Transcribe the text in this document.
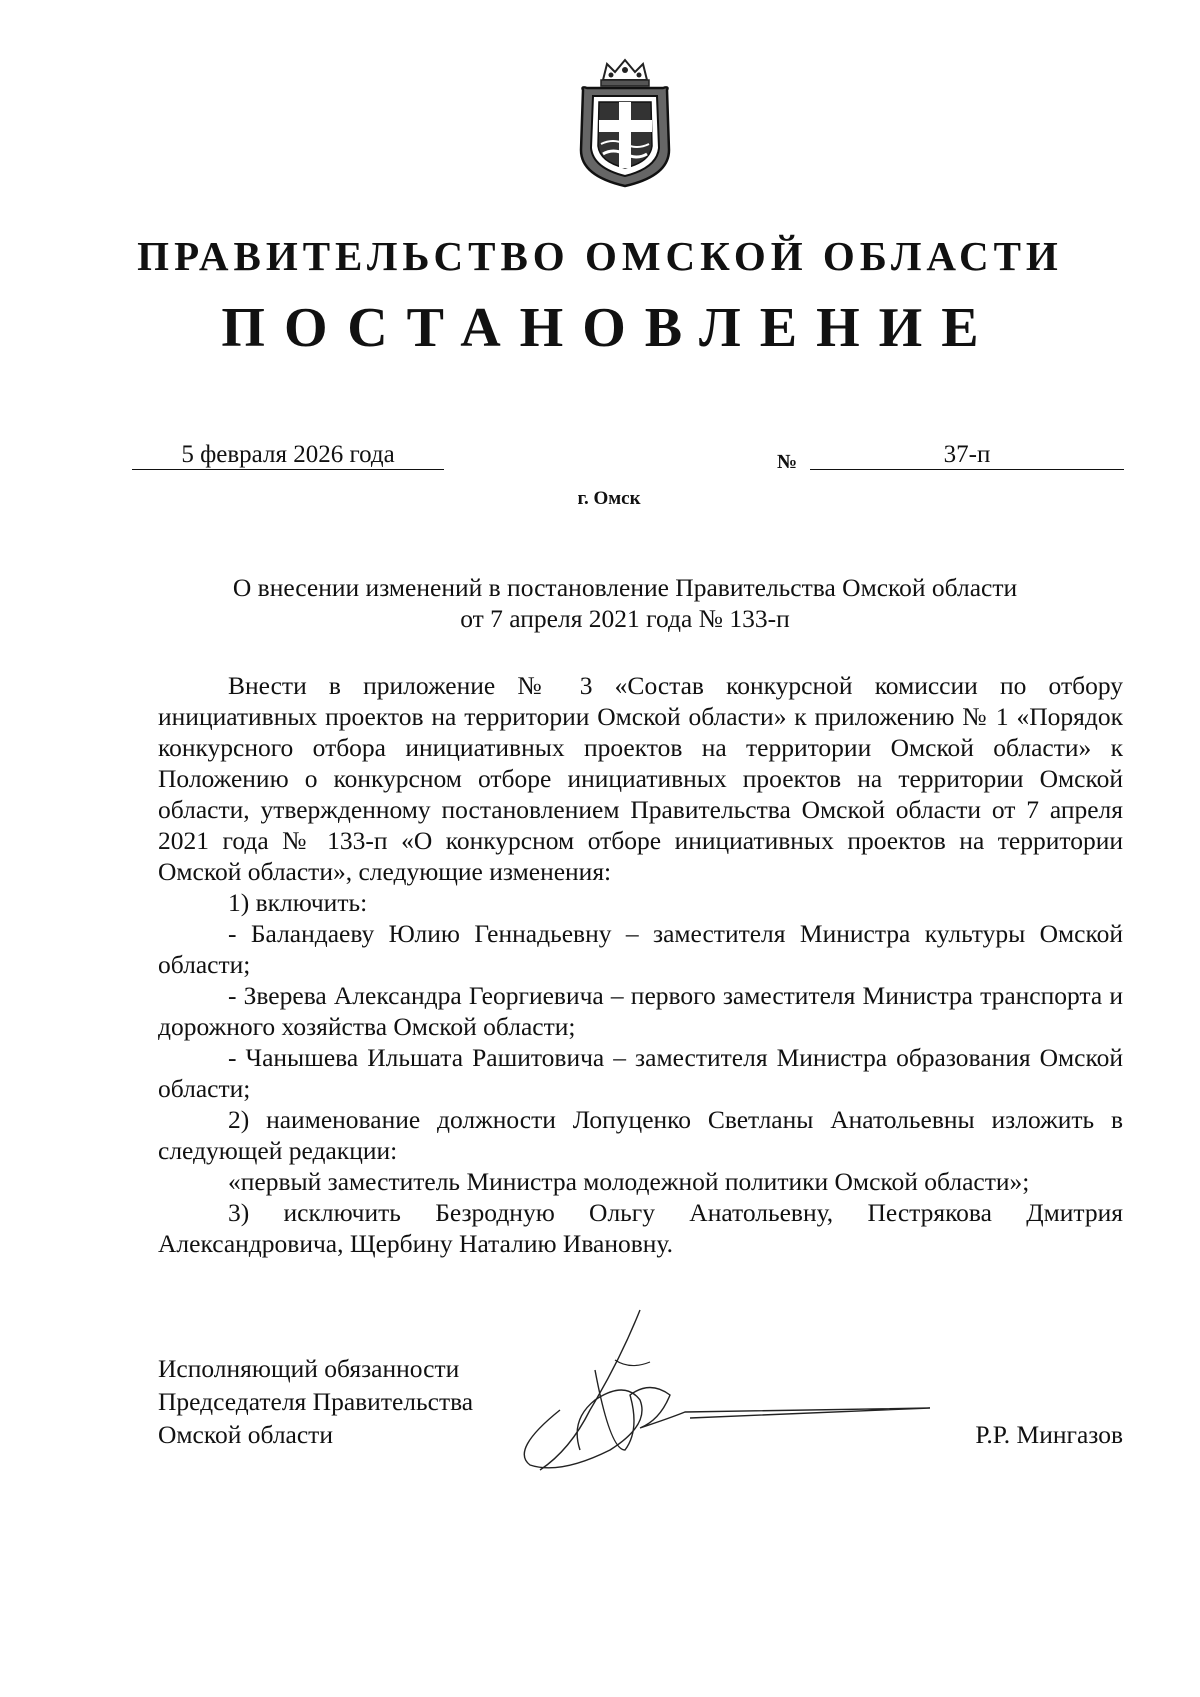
ПРАВИТЕЛЬСТВО ОМСКОЙ ОБЛАСТИ
ПОСТАНОВЛЕНИЕ
5 февраля 2026 года	№	37-п
г. Омск
О внесении изменений в постановление Правительства Омской области
от 7 апреля 2021 года № 133-п

Внести в приложение № 3 «Состав конкурсной комиссии по отбору инициативных проектов на территории Омской области» к приложению № 1 «Порядок конкурсного отбора инициативных проектов на территории Омской области» к Положению о конкурсном отборе инициативных проектов на территории Омской области, утвержденному постановлением Правительства Омской области от 7 апреля 2021 года № 133-п «О конкурсном отборе инициативных проектов на территории Омской области», следующие изменения:

1) включить:

- Баландаеву Юлию Геннадьевну – заместителя Министра культуры Омской области;

- Зверева Александра Георгиевича – первого заместителя Министра транспорта и дорожного хозяйства Омской области;

- Чанышева Ильшата Рашитовича – заместителя Министра образования Омской области;

2) наименование должности Лопуценко Светланы Анатольевны изложить в следующей редакции:

«первый заместитель Министра молодежной политики Омской области»;

3) исключить Безродную Ольгу Анатольевну, Пестрякова Дмитрия Александровича, Щербину Наталию Ивановну.

Исполняющий обязанности
Председателя Правительства
Омской области	Р.Р. Мингазов
